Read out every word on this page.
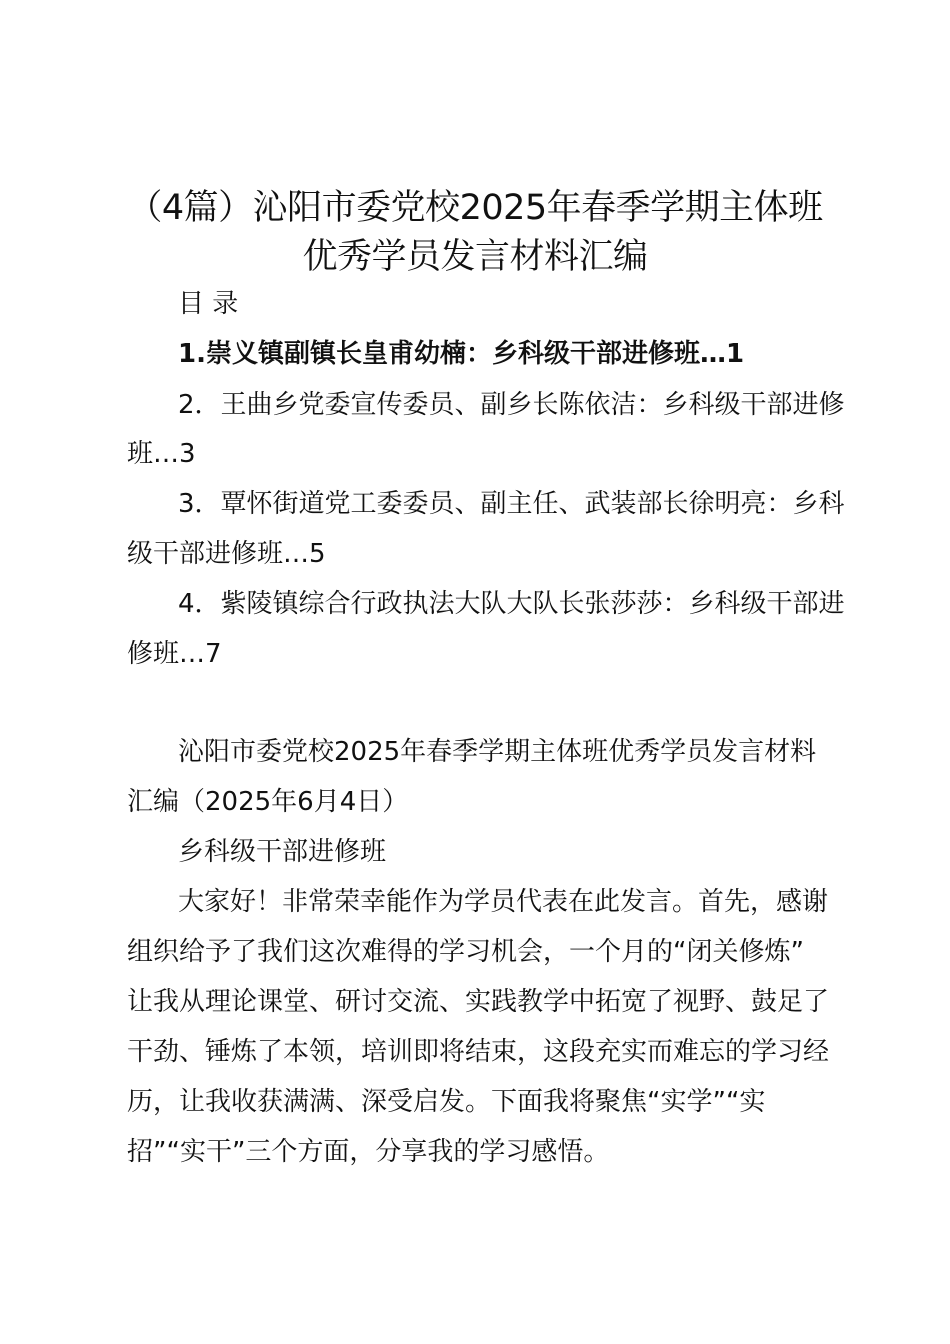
（4篇）沁阳市委党校2025年春季学期主体班
优秀学员发言材料汇编
目 录
1.崇义镇副镇长皇甫幼楠：乡科级干部进修班…1
2．王曲乡党委宣传委员、副乡长陈依洁：乡科级干部进修
班…3
3．覃怀街道党工委委员、副主任、武装部长徐明亮：乡科
级干部进修班…5
4．紫陵镇综合行政执法大队大队长张莎莎：乡科级干部进
修班…7
沁阳市委党校2025年春季学期主体班优秀学员发言材料
汇编（2025年6月4日）
乡科级干部进修班
大家好！非常荣幸能作为学员代表在此发言。首先，感谢
组织给予了我们这次难得的学习机会，一个月的“闭关修炼”
让我从理论课堂、研讨交流、实践教学中拓宽了视野、鼓足了
干劲、锤炼了本领，培训即将结束，这段充实而难忘的学习经
历，让我收获满满、深受启发。下面我将聚焦“实学”“实
招”“实干”三个方面，分享我的学习感悟。
